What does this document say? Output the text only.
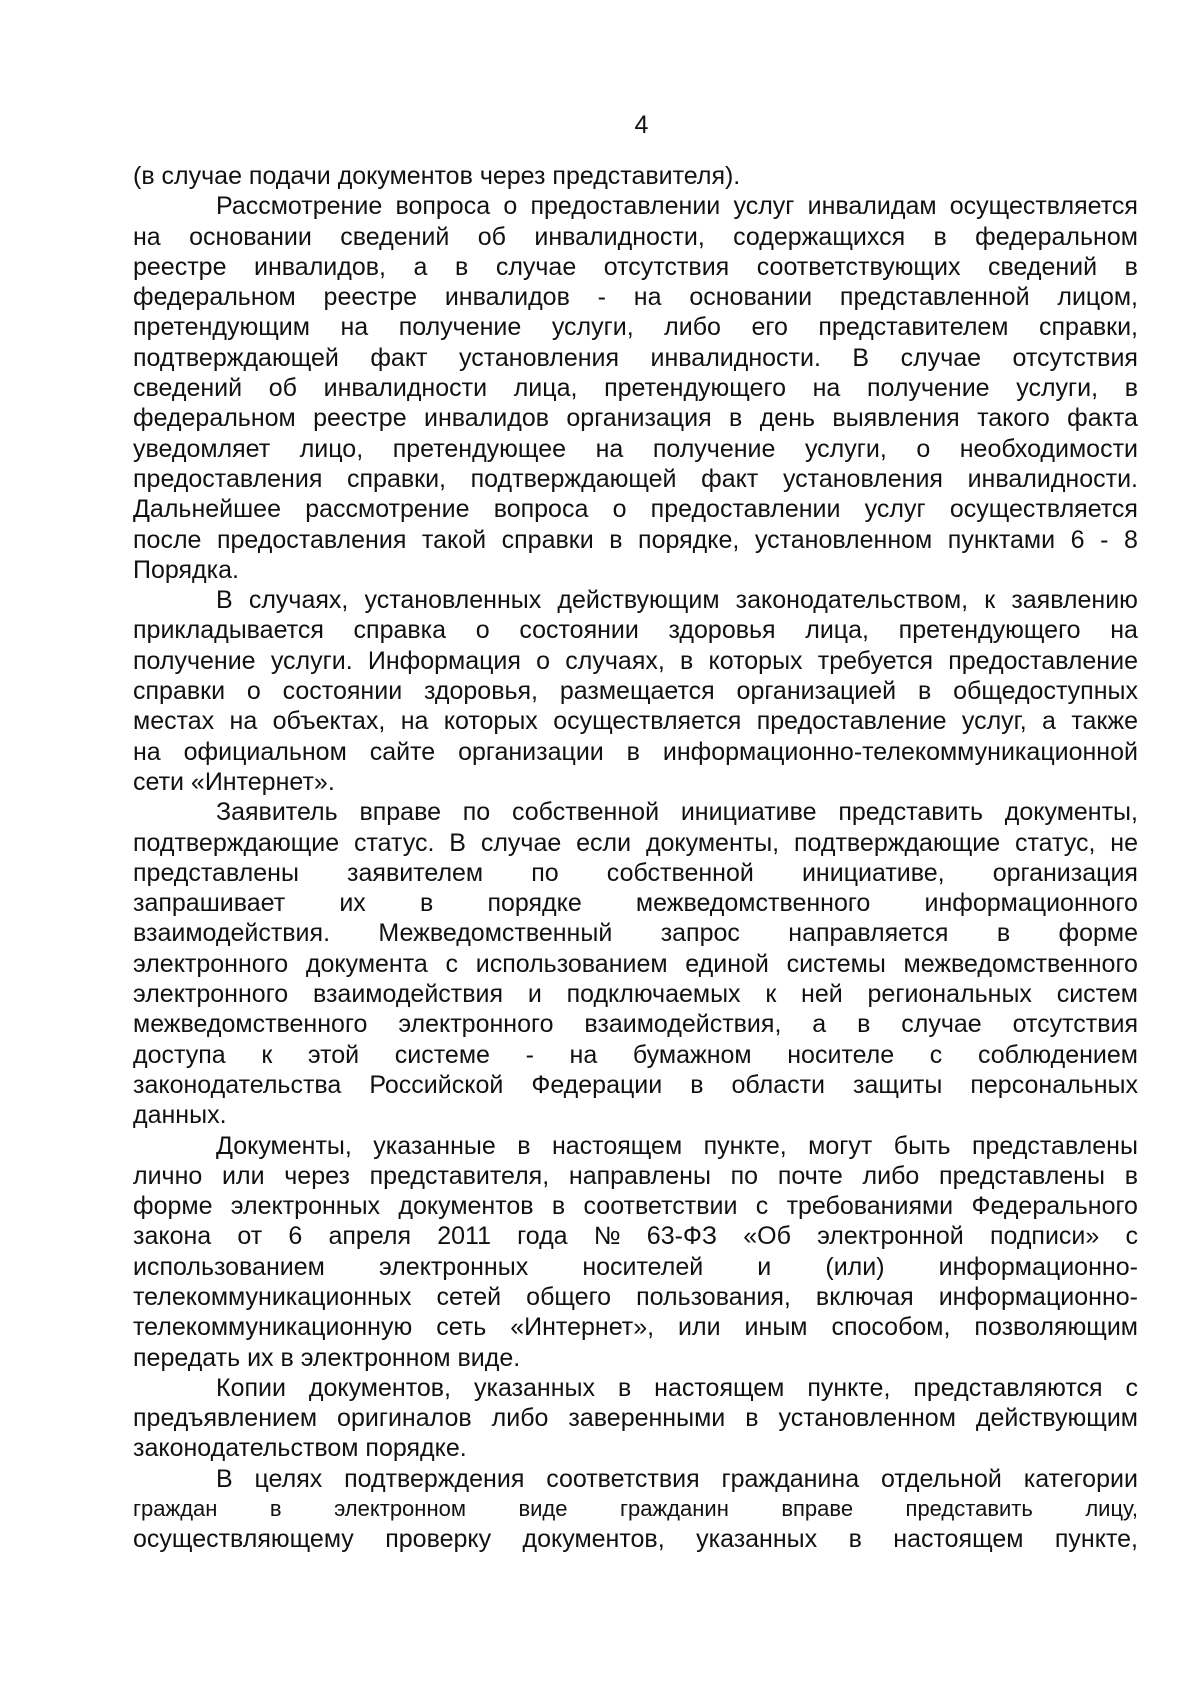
4
(в случае подачи документов через представителя).
Рассмотрение вопроса о предоставлении услуг инвалидам осуществляется
на основании сведений об инвалидности, содержащихся в федеральном
реестре инвалидов, а в случае отсутствия соответствующих сведений в
федеральном реестре инвалидов - на основании представленной лицом,
претендующим на получение услуги, либо его представителем справки,
подтверждающей факт установления инвалидности. В случае отсутствия
сведений об инвалидности лица, претендующего на получение услуги, в
федеральном реестре инвалидов организация в день выявления такого факта
уведомляет лицо, претендующее на получение услуги, о необходимости
предоставления справки, подтверждающей факт установления инвалидности.
Дальнейшее рассмотрение вопроса о предоставлении услуг осуществляется
после предоставления такой справки в порядке, установленном пунктами 6 - 8
Порядка.
В случаях, установленных действующим законодательством, к заявлению
прикладывается справка о состоянии здоровья лица, претендующего на
получение услуги. Информация о случаях, в которых требуется предоставление
справки о состоянии здоровья, размещается организацией в общедоступных
местах на объектах, на которых осуществляется предоставление услуг, а также
на официальном сайте организации в информационно-телекоммуникационной
сети «Интернет».
Заявитель вправе по собственной инициативе представить документы,
подтверждающие статус. В случае если документы, подтверждающие статус, не
представлены заявителем по собственной инициативе, организация
запрашивает их в порядке межведомственного информационного
взаимодействия. Межведомственный запрос направляется в форме
электронного документа с использованием единой системы межведомственного
электронного взаимодействия и подключаемых к ней региональных систем
межведомственного электронного взаимодействия, а в случае отсутствия
доступа к этой системе - на бумажном носителе с соблюдением
законодательства Российской Федерации в области защиты персональных
данных.
Документы, указанные в настоящем пункте, могут быть представлены
лично или через представителя, направлены по почте либо представлены в
форме электронных документов в соответствии с требованиями Федерального
закона от 6 апреля 2011 года № 63-ФЗ «Об электронной подписи» с
использованием электронных носителей и (или) информационно-
телекоммуникационных сетей общего пользования, включая информационно-
телекоммуникационную сеть «Интернет», или иным способом, позволяющим
передать их в электронном виде.
Копии документов, указанных в настоящем пункте, представляются с
предъявлением оригиналов либо заверенными в установленном действующим
законодательством порядке.
В целях подтверждения соответствия гражданина отдельной категории
граждан в электронном виде гражданин вправе представить лицу,
осуществляющему проверку документов, указанных в настоящем пункте,
